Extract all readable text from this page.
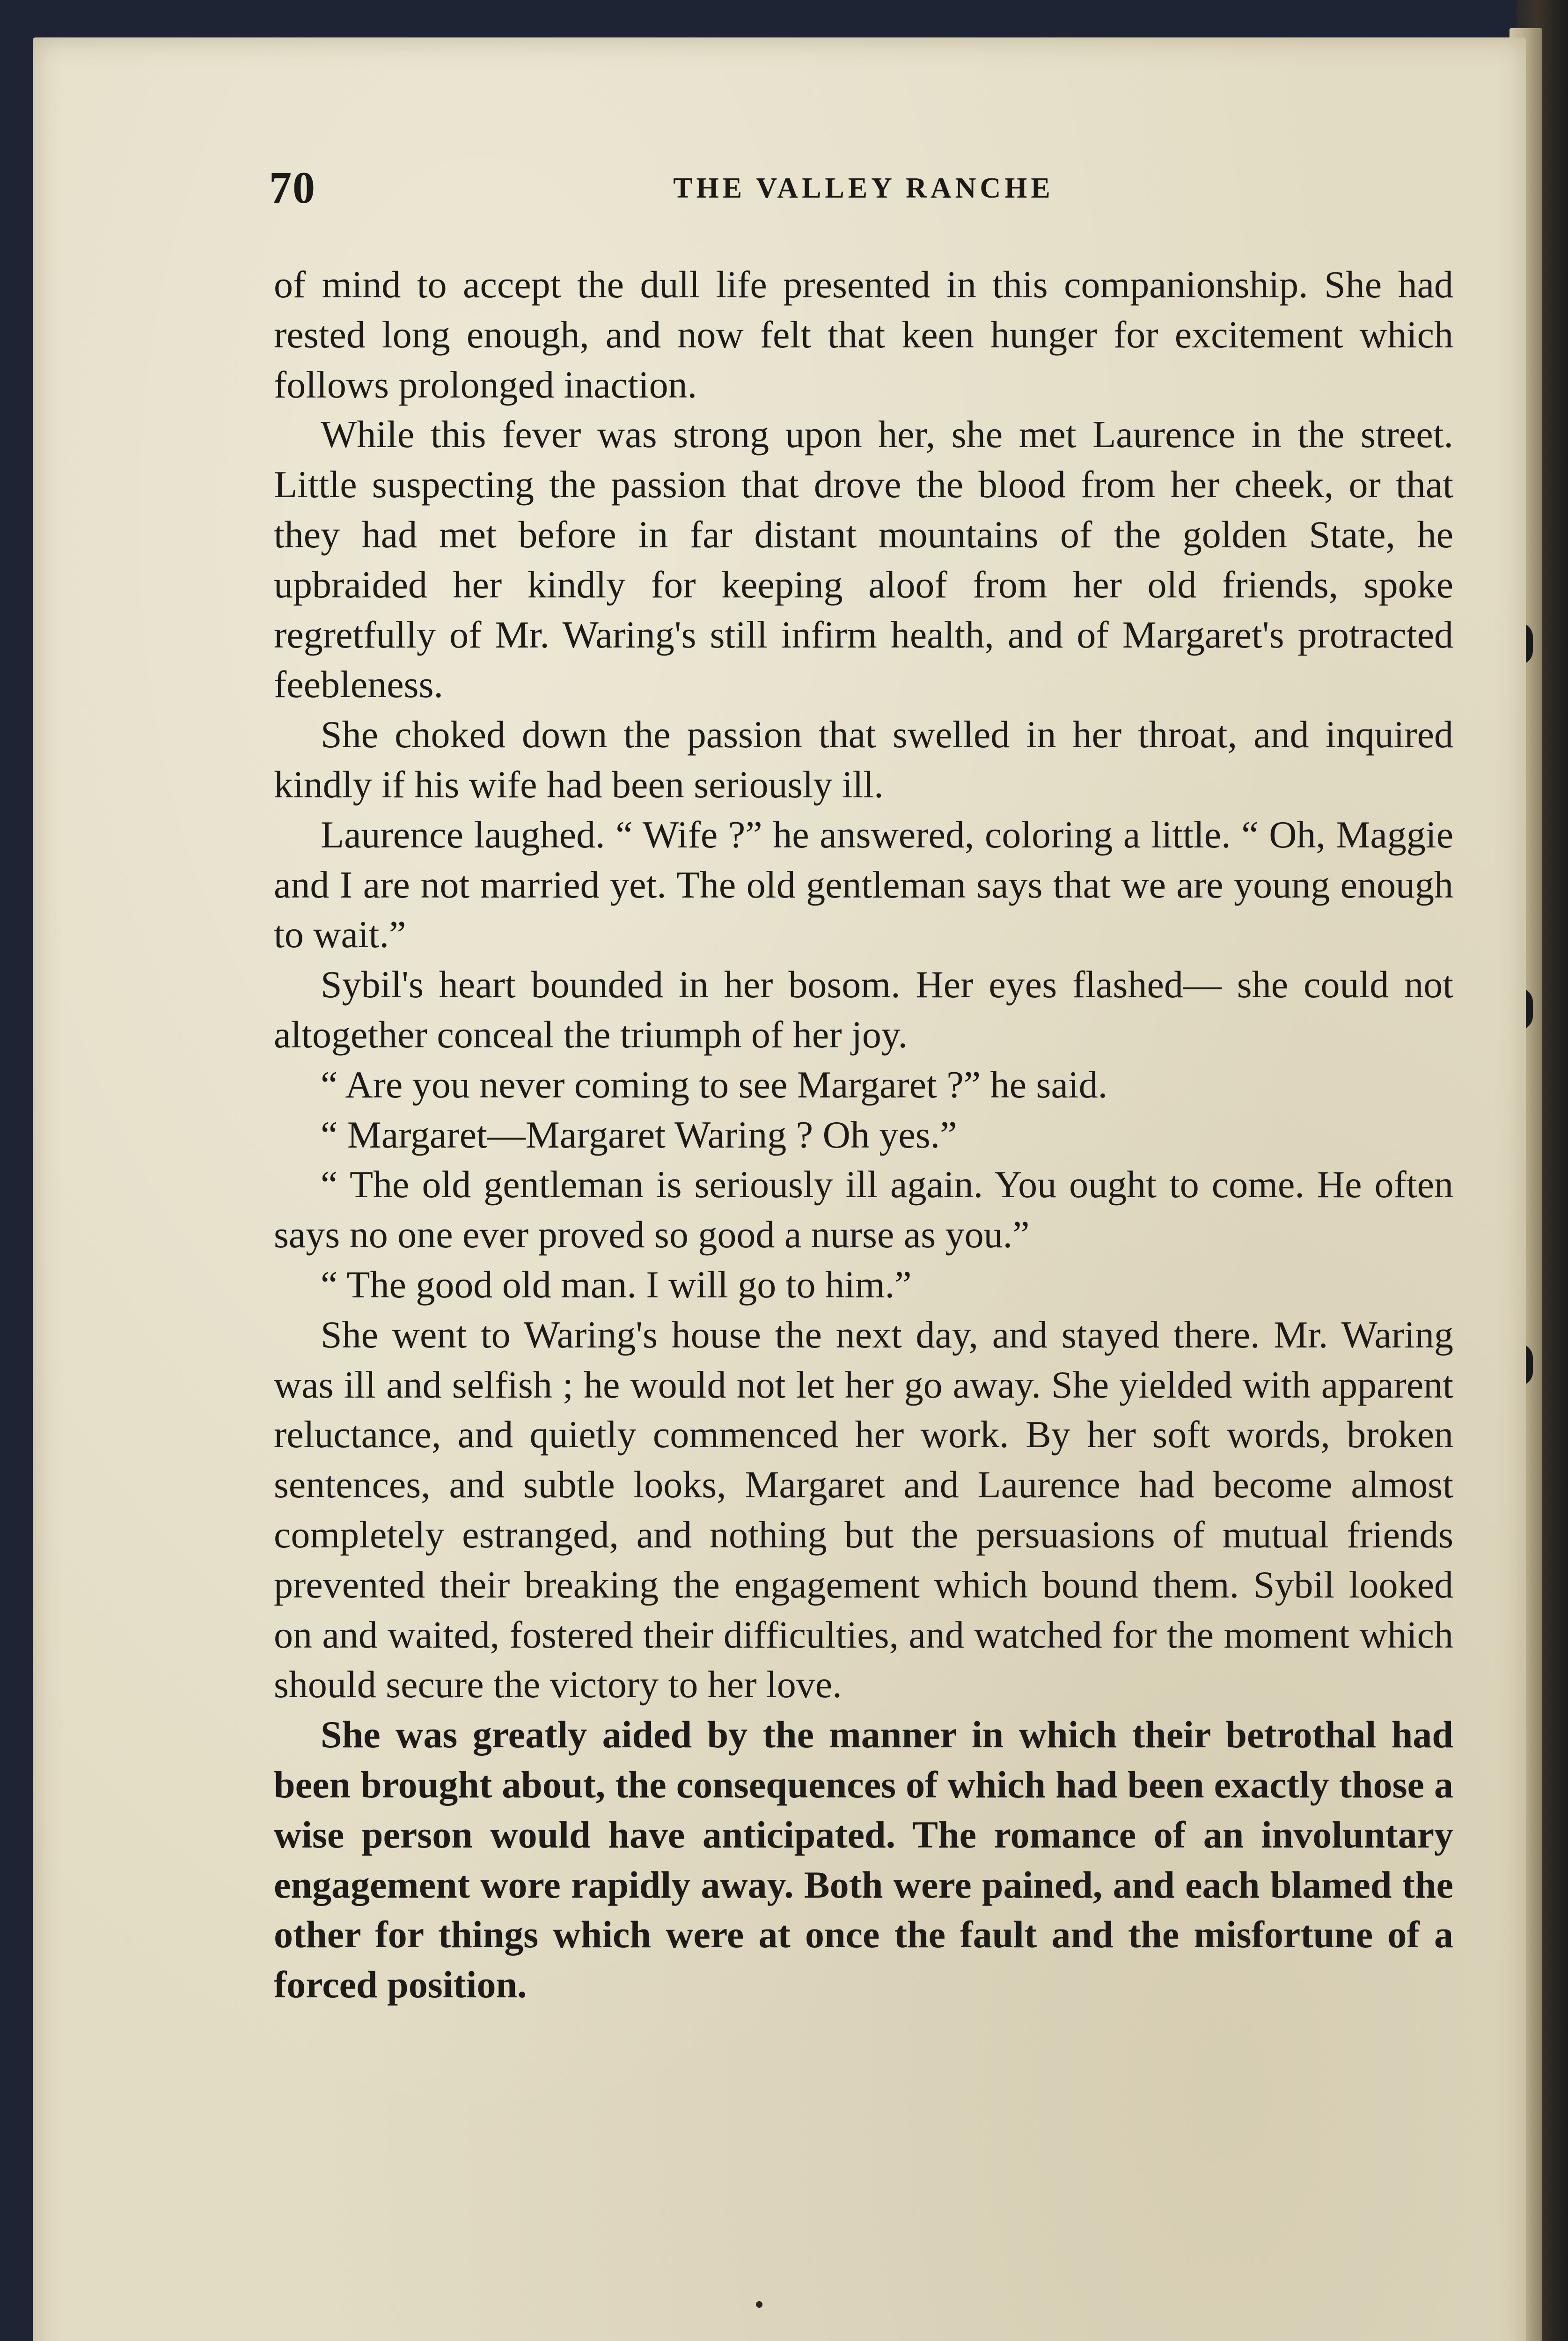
70	THE VALLEY RANCHE

of mind to accept the dull life presented in this companionship. She had rested long enough, and now felt that keen hunger for excitement which follows prolonged inaction.

While this fever was strong upon her, she met Laurence in the street. Little suspecting the passion that drove the blood from her cheek, or that they had met before in far distant mountains of the golden State, he upbraided her kindly for keeping aloof from her old friends, spoke regretfully of Mr. Waring's still infirm health, and of Margaret's protracted feebleness.

She choked down the passion that swelled in her throat, and inquired kindly if his wife had been seriously ill.

Laurence laughed. “ Wife ?” he answered, coloring a little. “ Oh, Maggie and I are not married yet. The old gentleman says that we are young enough to wait.”

Sybil's heart bounded in her bosom. Her eyes flashed— she could not altogether conceal the triumph of her joy.

“ Are you never coming to see Margaret ?” he said.

“ Margaret—Margaret Waring ? Oh yes.”

“ The old gentleman is seriously ill again. You ought to come. He often says no one ever proved so good a nurse as you.”

“ The good old man. I will go to him.”

She went to Waring's house the next day, and stayed there. Mr. Waring was ill and selfish ; he would not let her go away. She yielded with apparent reluctance, and quietly commenced her work. By her soft words, broken sentences, and subtle looks, Margaret and Laurence had become almost completely estranged, and nothing but the persuasions of mutual friends prevented their breaking the engagement which bound them. Sybil looked on and waited, fostered their difficulties, and watched for the moment which should secure the victory to her love.

She was greatly aided by the manner in which their betrothal had been brought about, the consequences of which had been exactly those a wise person would have anticipated. The romance of an involuntary engagement wore rapidly away. Both were pained, and each blamed the other for things which were at once the fault and the misfortune of a forced position.
